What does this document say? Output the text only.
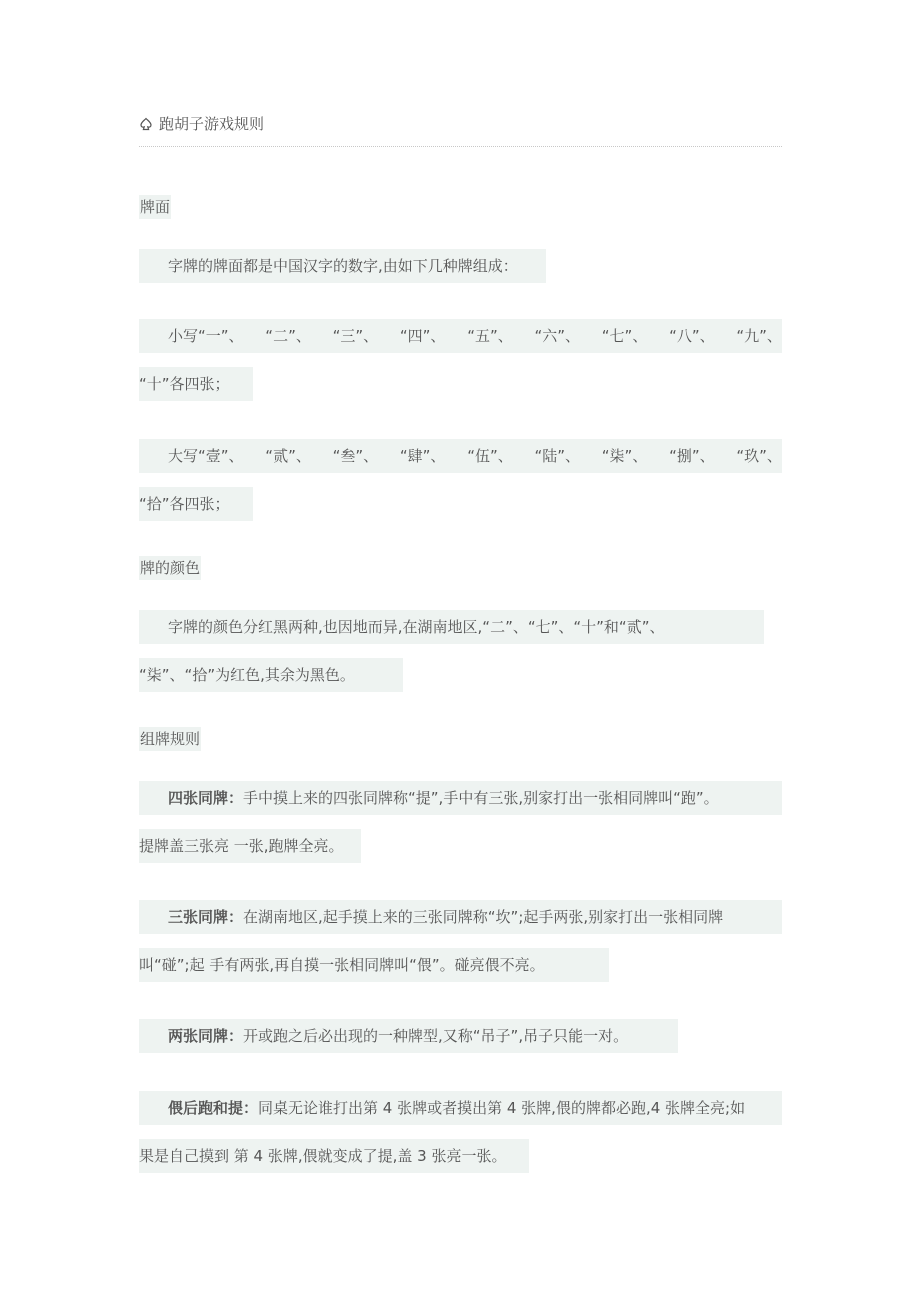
跑胡子游戏规则
牌面
字牌的牌面都是中国汉字的数字,由如下几种牌组成：
小写“一”、 “二”、 “三”、 “四”、 “五”、 “六”、 “七”、 “八”、 “九”、
“十”各四张；
大写“壹”、 “贰”、 “叁”、 “肆”、 “伍”、 “陆”、 “柒”、 “捌”、 “玖”、
“拾”各四张；
牌的颜色
字牌的颜色分红黑两种,也因地而异,在湖南地区,“二”、“七”、“十”和“贰”、
“柒”、“拾”为红色,其余为黑色。
组牌规则
四张同牌：手中摸上来的四张同牌称“提”,手中有三张,别家打出一张相同牌叫“跑”。
提牌盖三张亮 一张,跑牌全亮。
三张同牌：在湖南地区,起手摸上来的三张同牌称“坎”;起手两张,别家打出一张相同牌
叫“碰”;起 手有两张,再自摸一张相同牌叫“偎”。碰亮偎不亮。
两张同牌：开或跑之后必出现的一种牌型,又称“吊子”,吊子只能一对。
偎后跑和提：同桌无论谁打出第 4 张牌或者摸出第 4 张牌,偎的牌都必跑,4 张牌全亮;如
果是自己摸到 第 4 张牌,偎就变成了提,盖 3 张亮一张。
